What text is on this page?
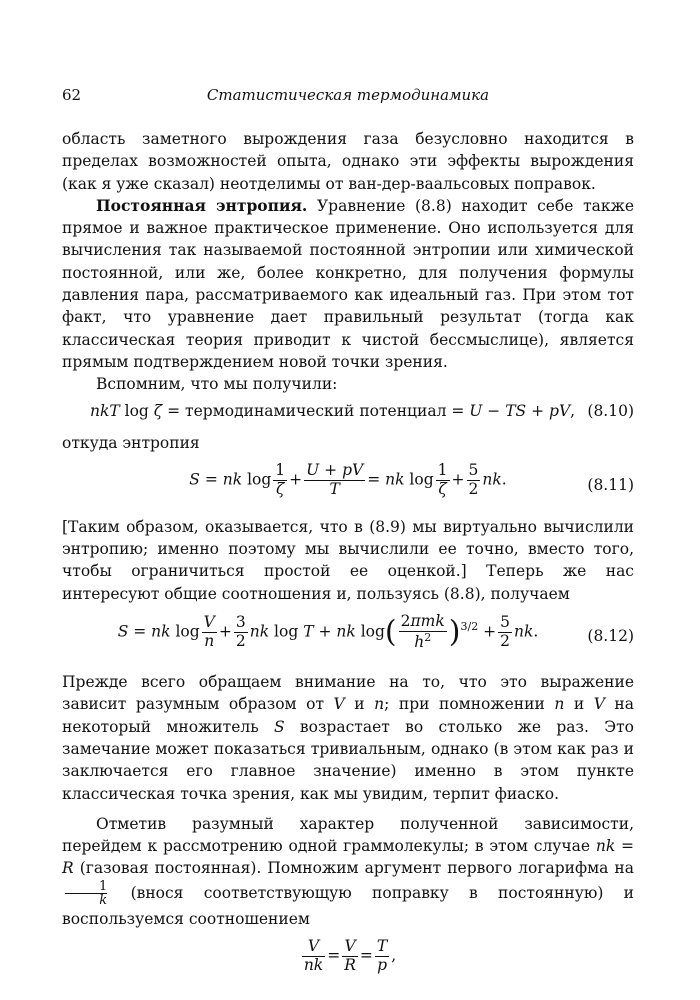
62	Статистическая термодинамика

область заметного вырождения газа безусловно находится в пределах возможностей опыта, однако эти эффекты вырождения (как я уже сказал) неотделимы от ван-дер-ваальсовых поправок.

Постоянная энтропия. Уравнение (8.8) находит себе также прямое и важное практическое применение. Оно используется для вычисления так называемой постоянной энтропии или химической постоянной, или же, более конкретно, для получения формулы давления пара, рассматриваемого как идеальный газ. При этом тот факт, что уравнение дает правильный результат (тогда как классическая теория приводит к чистой бессмыслице), является прямым подтверждением новой точки зрения.

Вспомним, что мы получили:

nkT log ζ = термодинамический потенциал = U − TS + pV, (8.10)

откуда энтропия

S = nk $\log \frac{1}{\zeta} + \frac{U + pV}{T}$ = nk $\log \frac{1}{\zeta} + \frac{5}{2}$ nk.	(8.11)

[Таким образом, оказывается, что в (8.9) мы виртуально вычислили энтропию; именно поэтому мы вычислили ее точно, вместо того, чтобы ограничиться простой ее оценкой.] Теперь же нас интересуют общие соотношения и, пользуясь (8.8), получаем

S = nk $\log \frac{V}{n} + \frac{3}{2}$ nk log T + nk $\log( \frac{\text{2πmk}}{h^2} )^{3/2} + \frac{5}{2}$ nk.	(8.12)

Прежде всего обращаем внимание на то, что это выражение зависит разумным образом от V и n; при помножении n и V на некоторый множитель S возрастает во столько же раз. Это замечание может показаться тривиальным, однако (в этом как раз и заключается его главное значение) именно в этом пункте классическая точка зрения, как мы увидим, терпит фиаско.

Отметив разумный характер полученной зависимости, перейдем к рассмотрению одной граммолекулы; в этом случае nk = R (газовая постоянная). Помножим аргумент первого логарифма на
$\frac{1}{k}$ (внося соответствующую поправку в постоянную) и воспользуемся соотношением

$\frac{V}{nk} = \frac{V}{R} = \frac{T}{p}$ ,
